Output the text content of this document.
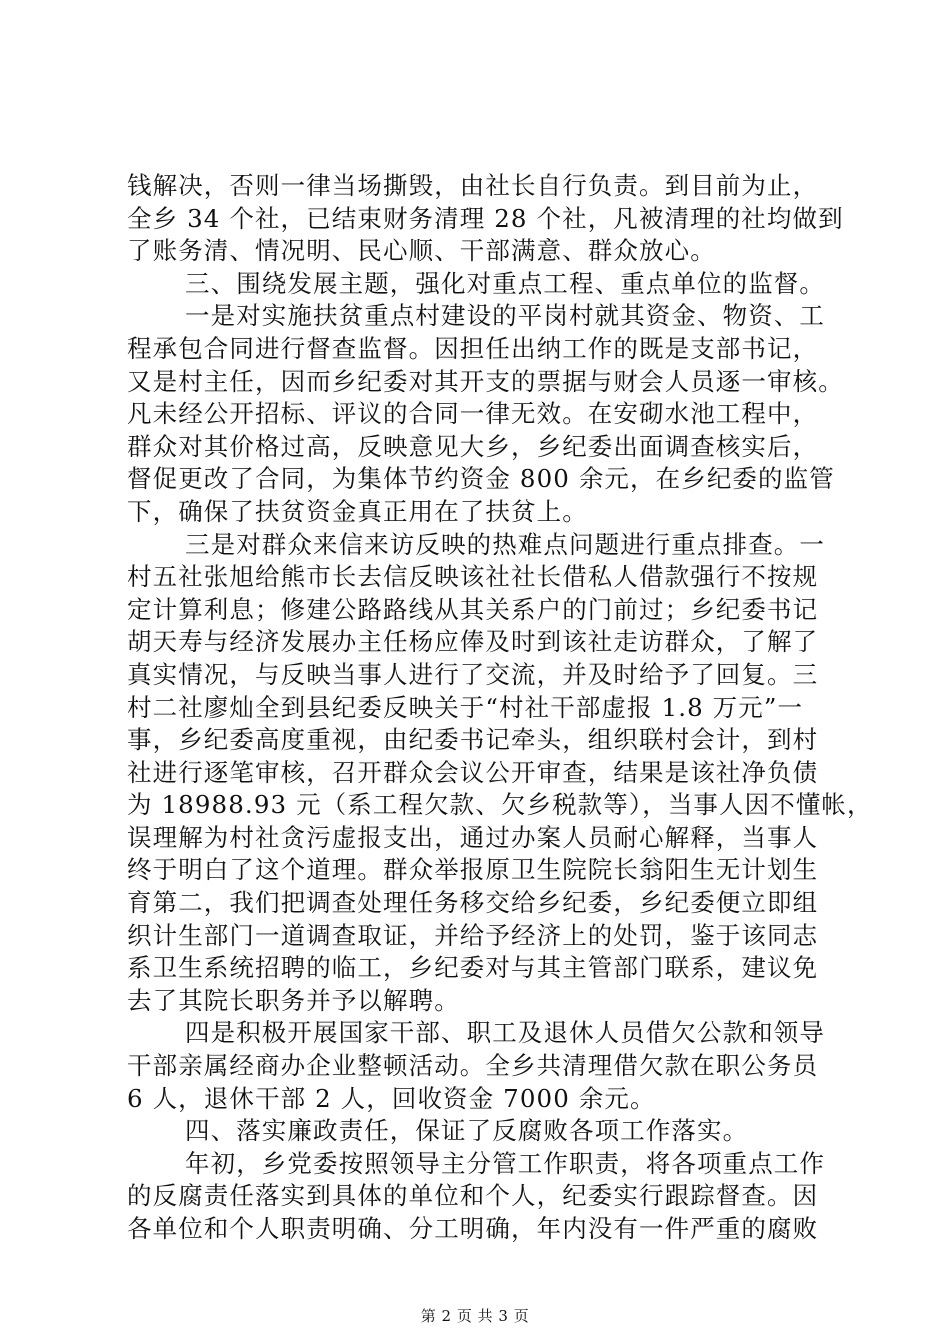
钱解决，否则一律当场撕毁，由社长自行负责。到目前为止，
全乡 34 个社，已结束财务清理 28 个社，凡被清理的社均做到
了账务清、情况明、民心顺、干部满意、群众放心。
三、围绕发展主题，强化对重点工程、重点单位的监督。
一是对实施扶贫重点村建设的平岗村就其资金、物资、工
程承包合同进行督查监督。因担任出纳工作的既是支部书记，
又是村主任，因而乡纪委对其开支的票据与财会人员逐一审核。
凡未经公开招标、评议的合同一律无效。在安砌水池工程中，
群众对其价格过高，反映意见大乡，乡纪委出面调查核实后，
督促更改了合同，为集体节约资金 800 余元，在乡纪委的监管
下，确保了扶贫资金真正用在了扶贫上。
三是对群众来信来访反映的热难点问题进行重点排查。一
村五社张旭给熊市长去信反映该社社长借私人借款强行不按规
定计算利息；修建公路路线从其关系户的门前过；乡纪委书记
胡天寿与经济发展办主任杨应俸及时到该社走访群众，了解了
真实情况，与反映当事人进行了交流，并及时给予了回复。三
村二社廖灿全到县纪委反映关于“村社干部虚报 1.8 万元”一
事，乡纪委高度重视，由纪委书记牵头，组织联村会计，到村
社进行逐笔审核，召开群众会议公开审查，结果是该社净负债
为 18988.93 元（系工程欠款、欠乡税款等），当事人因不懂帐，
误理解为村社贪污虚报支出，通过办案人员耐心解释，当事人
终于明白了这个道理。群众举报原卫生院院长翁阳生无计划生
育第二，我们把调查处理任务移交给乡纪委，乡纪委便立即组
织计生部门一道调查取证，并给予经济上的处罚，鉴于该同志
系卫生系统招聘的临工，乡纪委对与其主管部门联系，建议免
去了其院长职务并予以解聘。
四是积极开展国家干部、职工及退休人员借欠公款和领导
干部亲属经商办企业整顿活动。全乡共清理借欠款在职公务员
6 人，退休干部 2 人，回收资金 7000 余元。
四、落实廉政责任，保证了反腐败各项工作落实。
年初，乡党委按照领导主分管工作职责，将各项重点工作
的反腐责任落实到具体的单位和个人，纪委实行跟踪督查。因
各单位和个人职责明确、分工明确，年内没有一件严重的腐败
第 2 页 共 3 页
